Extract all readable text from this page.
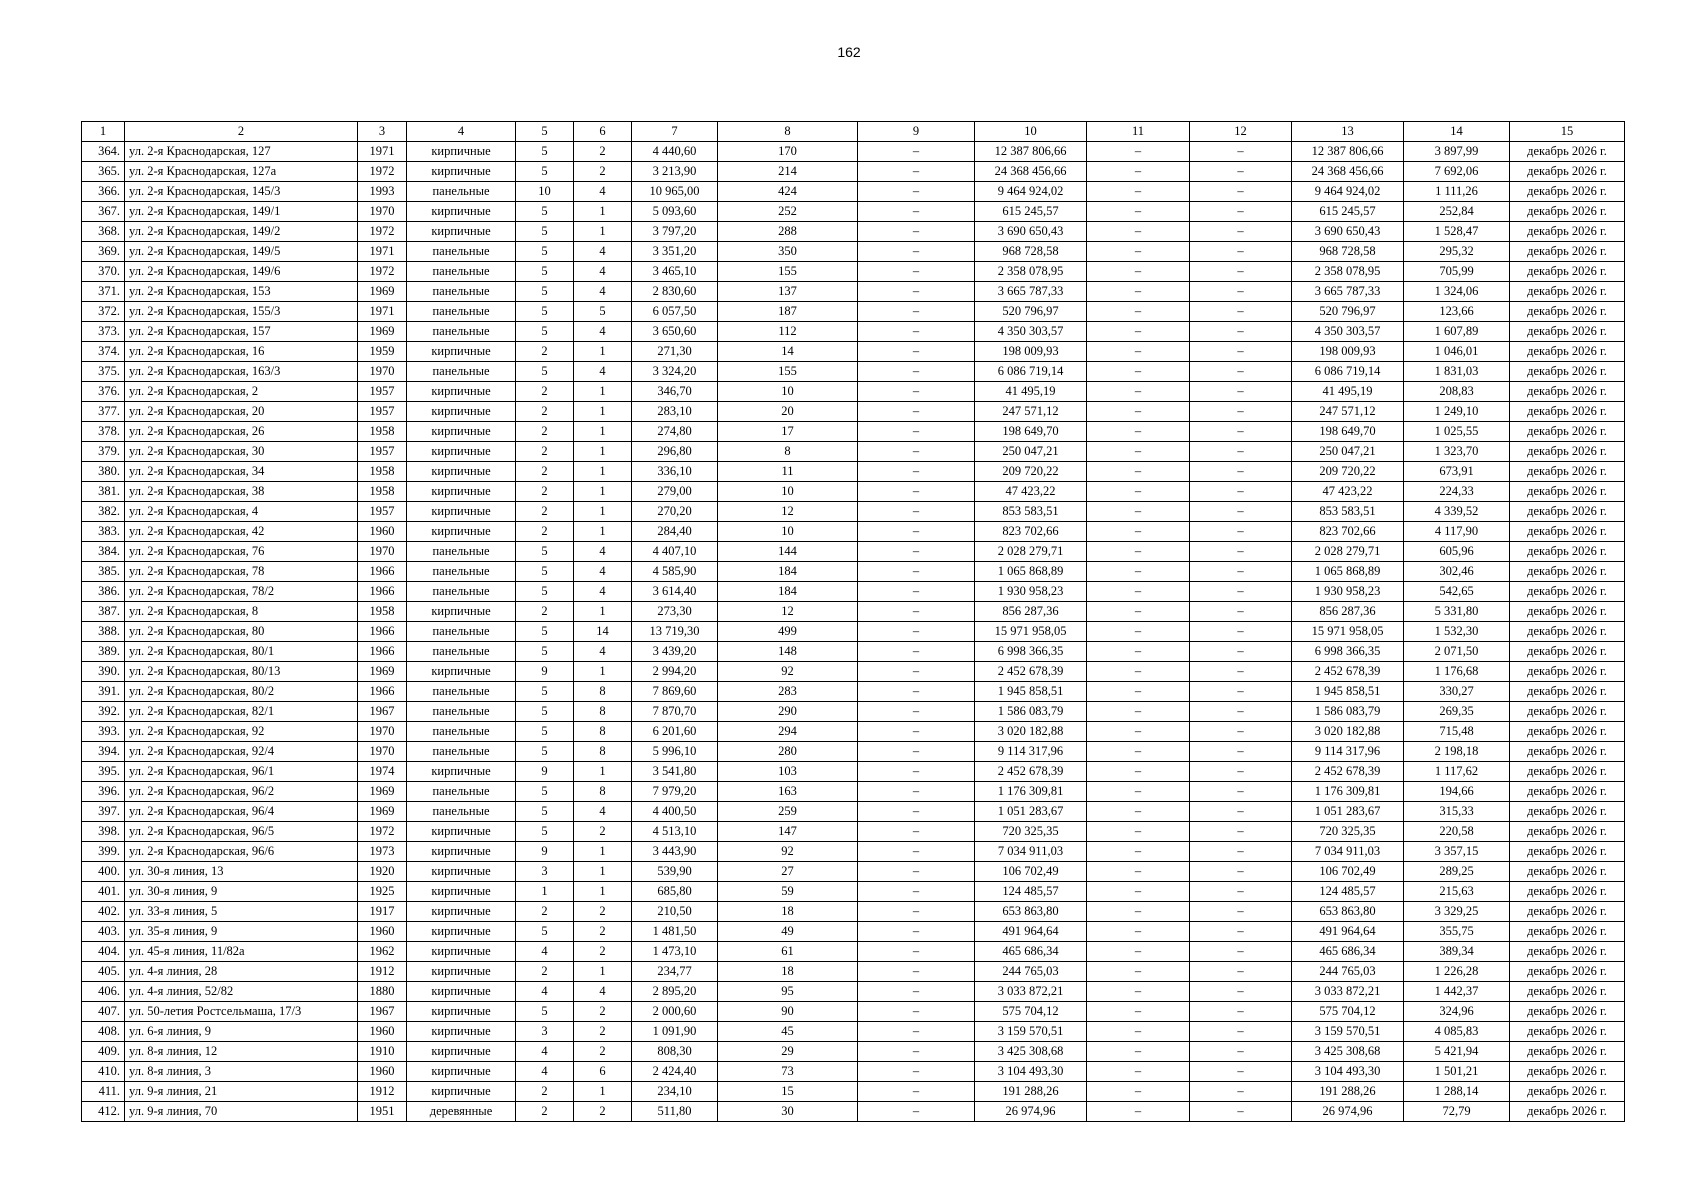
162
1	2	3	4	5	6	7	8	9	10	11	12	13	14	15
364.	ул. 2-я Краснодарская, 127	1971	кирпичные	5	2	4 440,60	170	–	12 387 806,66	–	–	12 387 806,66	3 897,99	декабрь 2026 г.
365.	ул. 2-я Краснодарская, 127а	1972	кирпичные	5	2	3 213,90	214	–	24 368 456,66	–	–	24 368 456,66	7 692,06	декабрь 2026 г.
366.	ул. 2-я Краснодарская, 145/3	1993	панельные	10	4	10 965,00	424	–	9 464 924,02	–	–	9 464 924,02	1 111,26	декабрь 2026 г.
367.	ул. 2-я Краснодарская, 149/1	1970	кирпичные	5	1	5 093,60	252	–	615 245,57	–	–	615 245,57	252,84	декабрь 2026 г.
368.	ул. 2-я Краснодарская, 149/2	1972	кирпичные	5	1	3 797,20	288	–	3 690 650,43	–	–	3 690 650,43	1 528,47	декабрь 2026 г.
369.	ул. 2-я Краснодарская, 149/5	1971	панельные	5	4	3 351,20	350	–	968 728,58	–	–	968 728,58	295,32	декабрь 2026 г.
370.	ул. 2-я Краснодарская, 149/6	1972	панельные	5	4	3 465,10	155	–	2 358 078,95	–	–	2 358 078,95	705,99	декабрь 2026 г.
371.	ул. 2-я Краснодарская, 153	1969	панельные	5	4	2 830,60	137	–	3 665 787,33	–	–	3 665 787,33	1 324,06	декабрь 2026 г.
372.	ул. 2-я Краснодарская, 155/3	1971	панельные	5	5	6 057,50	187	–	520 796,97	–	–	520 796,97	123,66	декабрь 2026 г.
373.	ул. 2-я Краснодарская, 157	1969	панельные	5	4	3 650,60	112	–	4 350 303,57	–	–	4 350 303,57	1 607,89	декабрь 2026 г.
374.	ул. 2-я Краснодарская, 16	1959	кирпичные	2	1	271,30	14	–	198 009,93	–	–	198 009,93	1 046,01	декабрь 2026 г.
375.	ул. 2-я Краснодарская, 163/3	1970	панельные	5	4	3 324,20	155	–	6 086 719,14	–	–	6 086 719,14	1 831,03	декабрь 2026 г.
376.	ул. 2-я Краснодарская, 2	1957	кирпичные	2	1	346,70	10	–	41 495,19	–	–	41 495,19	208,83	декабрь 2026 г.
377.	ул. 2-я Краснодарская, 20	1957	кирпичные	2	1	283,10	20	–	247 571,12	–	–	247 571,12	1 249,10	декабрь 2026 г.
378.	ул. 2-я Краснодарская, 26	1958	кирпичные	2	1	274,80	17	–	198 649,70	–	–	198 649,70	1 025,55	декабрь 2026 г.
379.	ул. 2-я Краснодарская, 30	1957	кирпичные	2	1	296,80	8	–	250 047,21	–	–	250 047,21	1 323,70	декабрь 2026 г.
380.	ул. 2-я Краснодарская, 34	1958	кирпичные	2	1	336,10	11	–	209 720,22	–	–	209 720,22	673,91	декабрь 2026 г.
381.	ул. 2-я Краснодарская, 38	1958	кирпичные	2	1	279,00	10	–	47 423,22	–	–	47 423,22	224,33	декабрь 2026 г.
382.	ул. 2-я Краснодарская, 4	1957	кирпичные	2	1	270,20	12	–	853 583,51	–	–	853 583,51	4 339,52	декабрь 2026 г.
383.	ул. 2-я Краснодарская, 42	1960	кирпичные	2	1	284,40	10	–	823 702,66	–	–	823 702,66	4 117,90	декабрь 2026 г.
384.	ул. 2-я Краснодарская, 76	1970	панельные	5	4	4 407,10	144	–	2 028 279,71	–	–	2 028 279,71	605,96	декабрь 2026 г.
385.	ул. 2-я Краснодарская, 78	1966	панельные	5	4	4 585,90	184	–	1 065 868,89	–	–	1 065 868,89	302,46	декабрь 2026 г.
386.	ул. 2-я Краснодарская, 78/2	1966	панельные	5	4	3 614,40	184	–	1 930 958,23	–	–	1 930 958,23	542,65	декабрь 2026 г.
387.	ул. 2-я Краснодарская, 8	1958	кирпичные	2	1	273,30	12	–	856 287,36	–	–	856 287,36	5 331,80	декабрь 2026 г.
388.	ул. 2-я Краснодарская, 80	1966	панельные	5	14	13 719,30	499	–	15 971 958,05	–	–	15 971 958,05	1 532,30	декабрь 2026 г.
389.	ул. 2-я Краснодарская, 80/1	1966	панельные	5	4	3 439,20	148	–	6 998 366,35	–	–	6 998 366,35	2 071,50	декабрь 2026 г.
390.	ул. 2-я Краснодарская, 80/13	1969	кирпичные	9	1	2 994,20	92	–	2 452 678,39	–	–	2 452 678,39	1 176,68	декабрь 2026 г.
391.	ул. 2-я Краснодарская, 80/2	1966	панельные	5	8	7 869,60	283	–	1 945 858,51	–	–	1 945 858,51	330,27	декабрь 2026 г.
392.	ул. 2-я Краснодарская, 82/1	1967	панельные	5	8	7 870,70	290	–	1 586 083,79	–	–	1 586 083,79	269,35	декабрь 2026 г.
393.	ул. 2-я Краснодарская, 92	1970	панельные	5	8	6 201,60	294	–	3 020 182,88	–	–	3 020 182,88	715,48	декабрь 2026 г.
394.	ул. 2-я Краснодарская, 92/4	1970	панельные	5	8	5 996,10	280	–	9 114 317,96	–	–	9 114 317,96	2 198,18	декабрь 2026 г.
395.	ул. 2-я Краснодарская, 96/1	1974	кирпичные	9	1	3 541,80	103	–	2 452 678,39	–	–	2 452 678,39	1 117,62	декабрь 2026 г.
396.	ул. 2-я Краснодарская, 96/2	1969	панельные	5	8	7 979,20	163	–	1 176 309,81	–	–	1 176 309,81	194,66	декабрь 2026 г.
397.	ул. 2-я Краснодарская, 96/4	1969	панельные	5	4	4 400,50	259	–	1 051 283,67	–	–	1 051 283,67	315,33	декабрь 2026 г.
398.	ул. 2-я Краснодарская, 96/5	1972	кирпичные	5	2	4 513,10	147	–	720 325,35	–	–	720 325,35	220,58	декабрь 2026 г.
399.	ул. 2-я Краснодарская, 96/6	1973	кирпичные	9	1	3 443,90	92	–	7 034 911,03	–	–	7 034 911,03	3 357,15	декабрь 2026 г.
400.	ул. 30-я линия, 13	1920	кирпичные	3	1	539,90	27	–	106 702,49	–	–	106 702,49	289,25	декабрь 2026 г.
401.	ул. 30-я линия, 9	1925	кирпичные	1	1	685,80	59	–	124 485,57	–	–	124 485,57	215,63	декабрь 2026 г.
402.	ул. 33-я линия, 5	1917	кирпичные	2	2	210,50	18	–	653 863,80	–	–	653 863,80	3 329,25	декабрь 2026 г.
403.	ул. 35-я линия, 9	1960	кирпичные	5	2	1 481,50	49	–	491 964,64	–	–	491 964,64	355,75	декабрь 2026 г.
404.	ул. 45-я линия, 11/82а	1962	кирпичные	4	2	1 473,10	61	–	465 686,34	–	–	465 686,34	389,34	декабрь 2026 г.
405.	ул. 4-я линия, 28	1912	кирпичные	2	1	234,77	18	–	244 765,03	–	–	244 765,03	1 226,28	декабрь 2026 г.
406.	ул. 4-я линия, 52/82	1880	кирпичные	4	4	2 895,20	95	–	3 033 872,21	–	–	3 033 872,21	1 442,37	декабрь 2026 г.
407.	ул. 50-летия Ростсельмаша, 17/3	1967	кирпичные	5	2	2 000,60	90	–	575 704,12	–	–	575 704,12	324,96	декабрь 2026 г.
408.	ул. 6-я линия, 9	1960	кирпичные	3	2	1 091,90	45	–	3 159 570,51	–	–	3 159 570,51	4 085,83	декабрь 2026 г.
409.	ул. 8-я линия, 12	1910	кирпичные	4	2	808,30	29	–	3 425 308,68	–	–	3 425 308,68	5 421,94	декабрь 2026 г.
410.	ул. 8-я линия, 3	1960	кирпичные	4	6	2 424,40	73	–	3 104 493,30	–	–	3 104 493,30	1 501,21	декабрь 2026 г.
411.	ул. 9-я линия, 21	1912	кирпичные	2	1	234,10	15	–	191 288,26	–	–	191 288,26	1 288,14	декабрь 2026 г.
412.	ул. 9-я линия, 70	1951	деревянные	2	2	511,80	30	–	26 974,96	–	–	26 974,96	72,79	декабрь 2026 г.
